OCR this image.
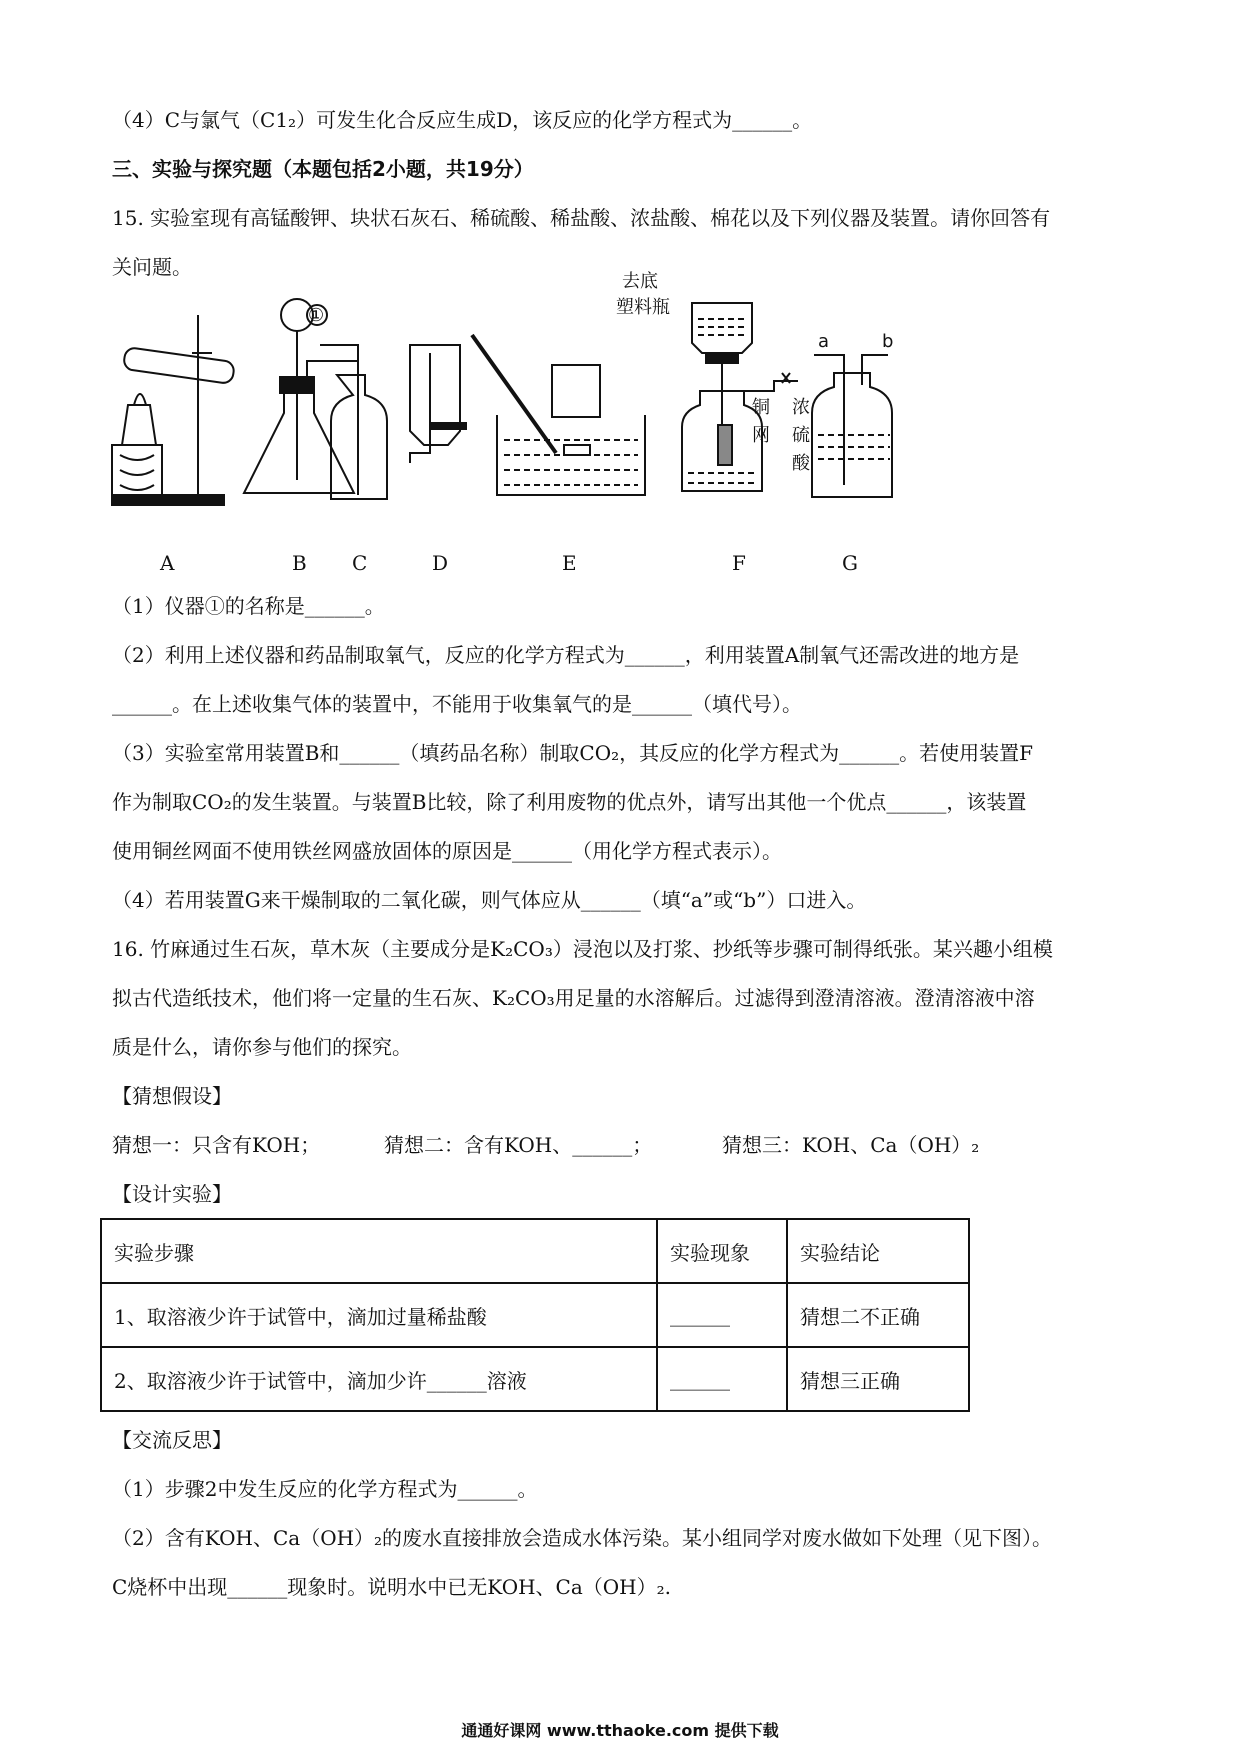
（4）C与氯气（C1₂）可发生化合反应生成D，该反应的化学方程式为______。
三、实验与探究题（本题包括2小题，共19分）
15. 实验室现有高锰酸钾、块状石灰石、稀硫酸、稀盐酸、浓盐酸、棉花以及下列仪器及装置。请你回答有
关问题。
①
去底
塑料瓶
铜
网
浓
硫
酸
a	b
A	B C	D	E	F	G
（1）仪器①的名称是______。
（2）利用上述仪器和药品制取氧气，反应的化学方程式为______，利用装置A制氧气还需改进的地方是
______。在上述收集气体的装置中，不能用于收集氧气的是______（填代号）。
（3）实验室常用装置B和______（填药品名称）制取CO₂，其反应的化学方程式为______。若使用装置F
作为制取CO₂的发生装置。与装置B比较，除了利用废物的优点外，请写出其他一个优点______，该装置
使用铜丝网面不使用铁丝网盛放固体的原因是______（用化学方程式表示）。
（4）若用装置G来干燥制取的二氧化碳，则气体应从______（填“a”或“b”）口进入。
16. 竹麻通过生石灰，草木灰（主要成分是K₂CO₃）浸泡以及打浆、抄纸等步骤可制得纸张。某兴趣小组模
拟古代造纸技术，他们将一定量的生石灰、K₂CO₃用足量的水溶解后。过滤得到澄清溶液。澄清溶液中溶
质是什么，请你参与他们的探究。
【猜想假设】
猜想一：只含有KOH；	猜想二：含有KOH、______；	猜想三：KOH、Ca（OH）₂
【设计实验】
实验步骤	实验现象	实验结论
1、取溶液少许于试管中，滴加过量稀盐酸	______	猜想二不正确
2、取溶液少许于试管中，滴加少许______溶液	______	猜想三正确
【交流反思】
（1）步骤2中发生反应的化学方程式为______。
（2）含有KOH、Ca（OH）₂的废水直接排放会造成水体污染。某小组同学对废水做如下处理（见下图）。
C烧杯中出现______现象时。说明水中已无KOH、Ca（OH）₂.
通通好课网 www.tthaoke.com 提供下载
